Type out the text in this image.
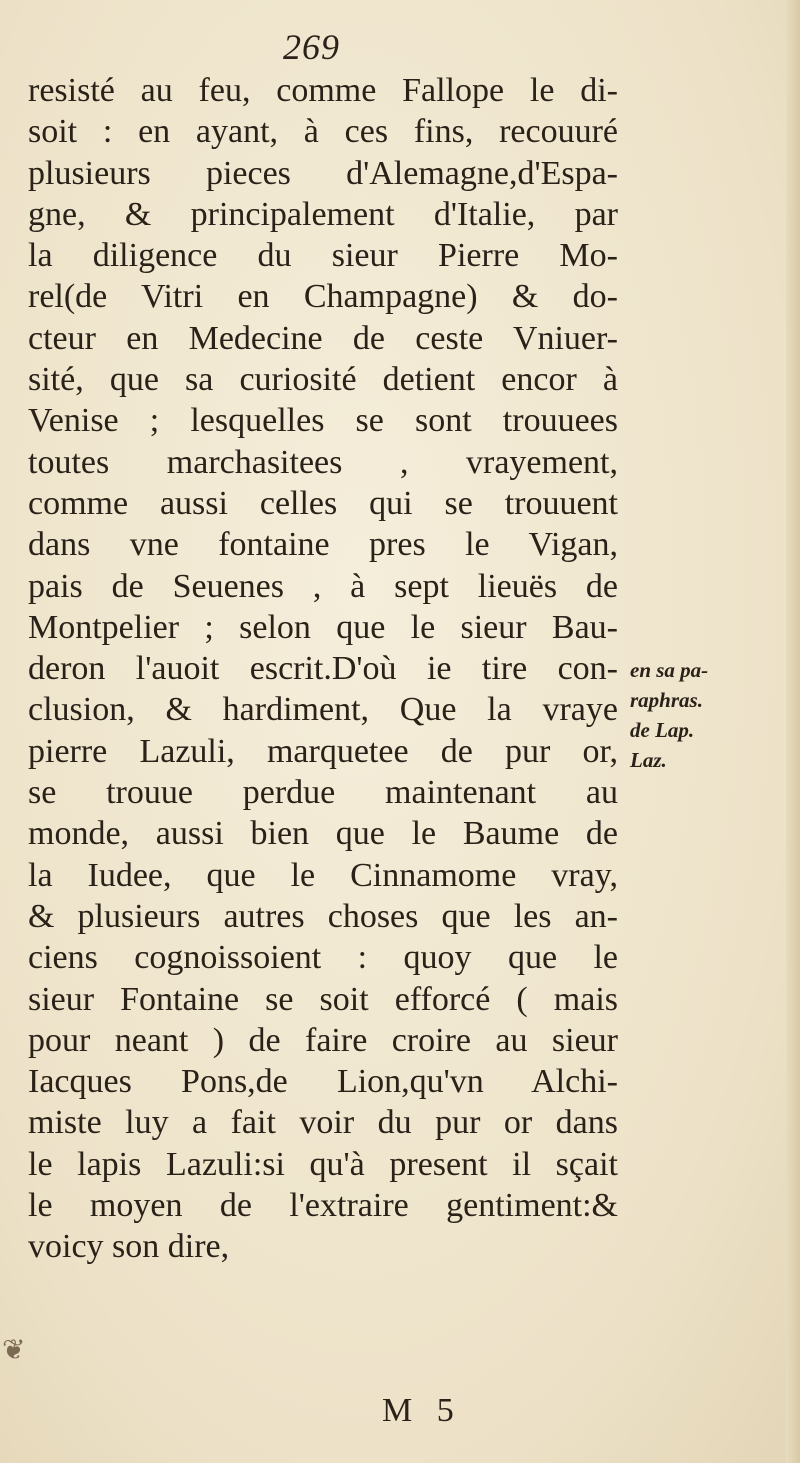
269
resisté au feu, comme Fallope le di-
soit : en ayant, à ces fins, recouuré
plusieurs pieces d'Alemagne,d'Espa-
gne, & principalement d'Italie, par
la diligence du sieur Pierre Mo-
rel(de Vitri en Champagne) & do-
cteur en Medecine de ceste Vniuer-
sité, que sa curiosité detient encor à
Venise ; lesquelles se sont trouuees
toutes marchasitees , vrayement,
comme aussi celles qui se trouuent
dans vne fontaine pres le Vigan,
pais de Seuenes , à sept lieuës de
Montpelier ; selon que le sieur Bau-
deron l'auoit escrit.D'où ie tire con-
clusion, & hardiment, Que la vraye
pierre Lazuli, marquetee de pur or,
se trouue perdue maintenant au
monde, aussi bien que le Baume de
la Iudee, que le Cinnamome vray,
& plusieurs autres choses que les an-
ciens cognoissoient : quoy que le
sieur Fontaine se soit efforcé ( mais
pour neant ) de faire croire au sieur
Iacques Pons,de Lion,qu'vn Alchi-
miste luy a fait voir du pur or dans
le lapis Lazuli:si qu'à present il sçait
le moyen de l'extraire gentiment:&
voicy son dire,
en sa pa-
raphras.
de Lap.
Laz.
M 5
❦
